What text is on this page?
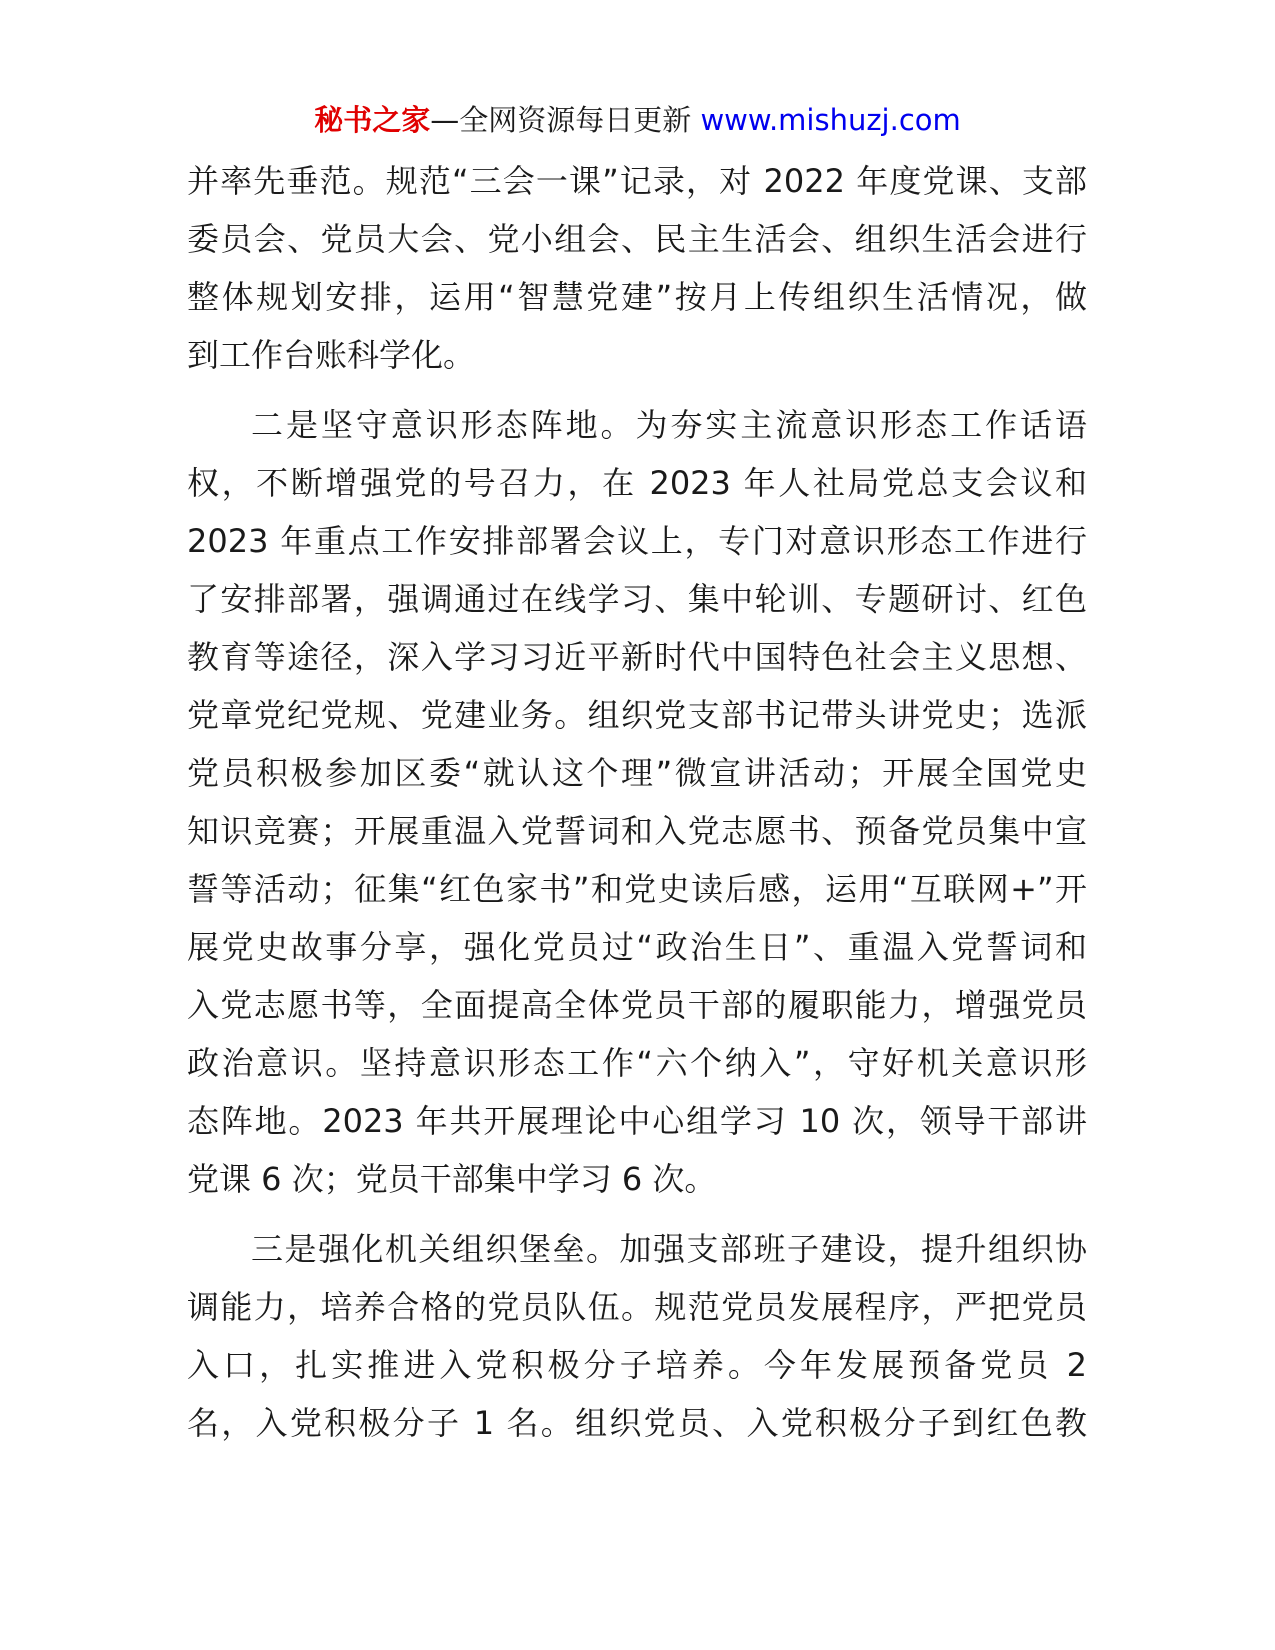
秘书之家—全网资源每日更新 www.mishuzj.com
并率先垂范。规范“三会一课”记录，对 2022 年度党课、支部
委员会、党员大会、党小组会、民主生活会、组织生活会进行
整体规划安排，运用“智慧党建”按月上传组织生活情况，做
到工作台账科学化。
二是坚守意识形态阵地。为夯实主流意识形态工作话语
权，不断增强党的号召力，在 2023 年人社局党总支会议和
2023 年重点工作安排部署会议上，专门对意识形态工作进行
了安排部署，强调通过在线学习、集中轮训、专题研讨、红色
教育等途径，深入学习习近平新时代中国特色社会主义思想、
党章党纪党规、党建业务。组织党支部书记带头讲党史；选派
党员积极参加区委“就认这个理”微宣讲活动；开展全国党史
知识竞赛；开展重温入党誓词和入党志愿书、预备党员集中宣
誓等活动；征集“红色家书”和党史读后感，运用“互联网+”开
展党史故事分享，强化党员过“政治生日”、重温入党誓词和
入党志愿书等，全面提高全体党员干部的履职能力，增强党员
政治意识。坚持意识形态工作“六个纳入”，守好机关意识形
态阵地。2023 年共开展理论中心组学习 10 次，领导干部讲
党课 6 次；党员干部集中学习 6 次。
三是强化机关组织堡垒。加强支部班子建设，提升组织协
调能力，培养合格的党员队伍。规范党员发展程序，严把党员
入口，扎实推进入党积极分子培养。今年发展预备党员 2
名，入党积极分子 1 名。组织党员、入党积极分子到红色教
